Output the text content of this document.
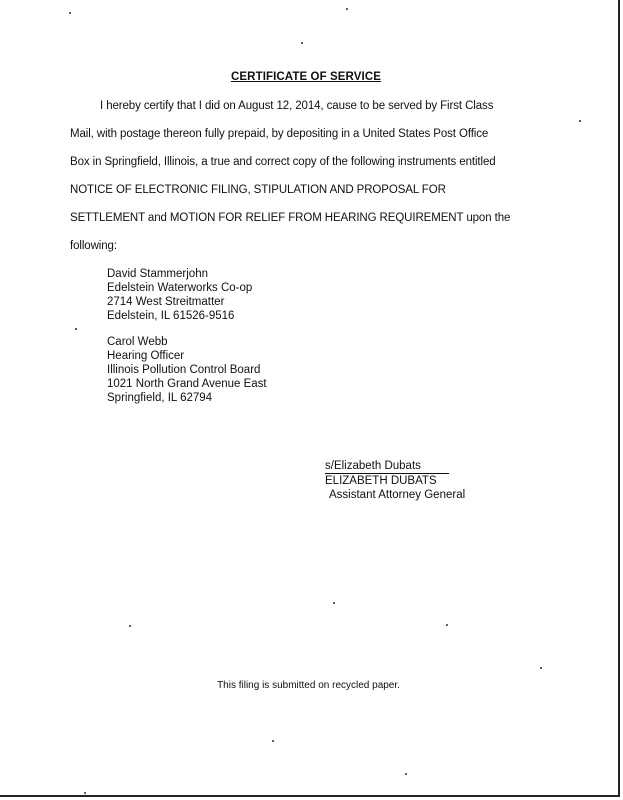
CERTIFICATE OF SERVICE
I hereby certify that I did on August 12, 2014, cause to be served by First Class
Mail, with postage thereon fully prepaid, by depositing in a United States Post Office
Box in Springfield, Illinois, a true and correct copy of the following instruments entitled
NOTICE OF ELECTRONIC FILING, STIPULATION AND PROPOSAL FOR
SETTLEMENT and MOTION FOR RELIEF FROM HEARING REQUIREMENT upon the
following:
David Stammerjohn
Edelstein Waterworks Co-op
2714 West Streitmatter
Edelstein, IL 61526-9516
Carol Webb
Hearing Officer
Illinois Pollution Control Board
1021 North Grand Avenue East
Springfield, IL 62794
s/Elizabeth Dubats
ELIZABETH DUBATS
Assistant Attorney General
This filing is submitted on recycled paper.
